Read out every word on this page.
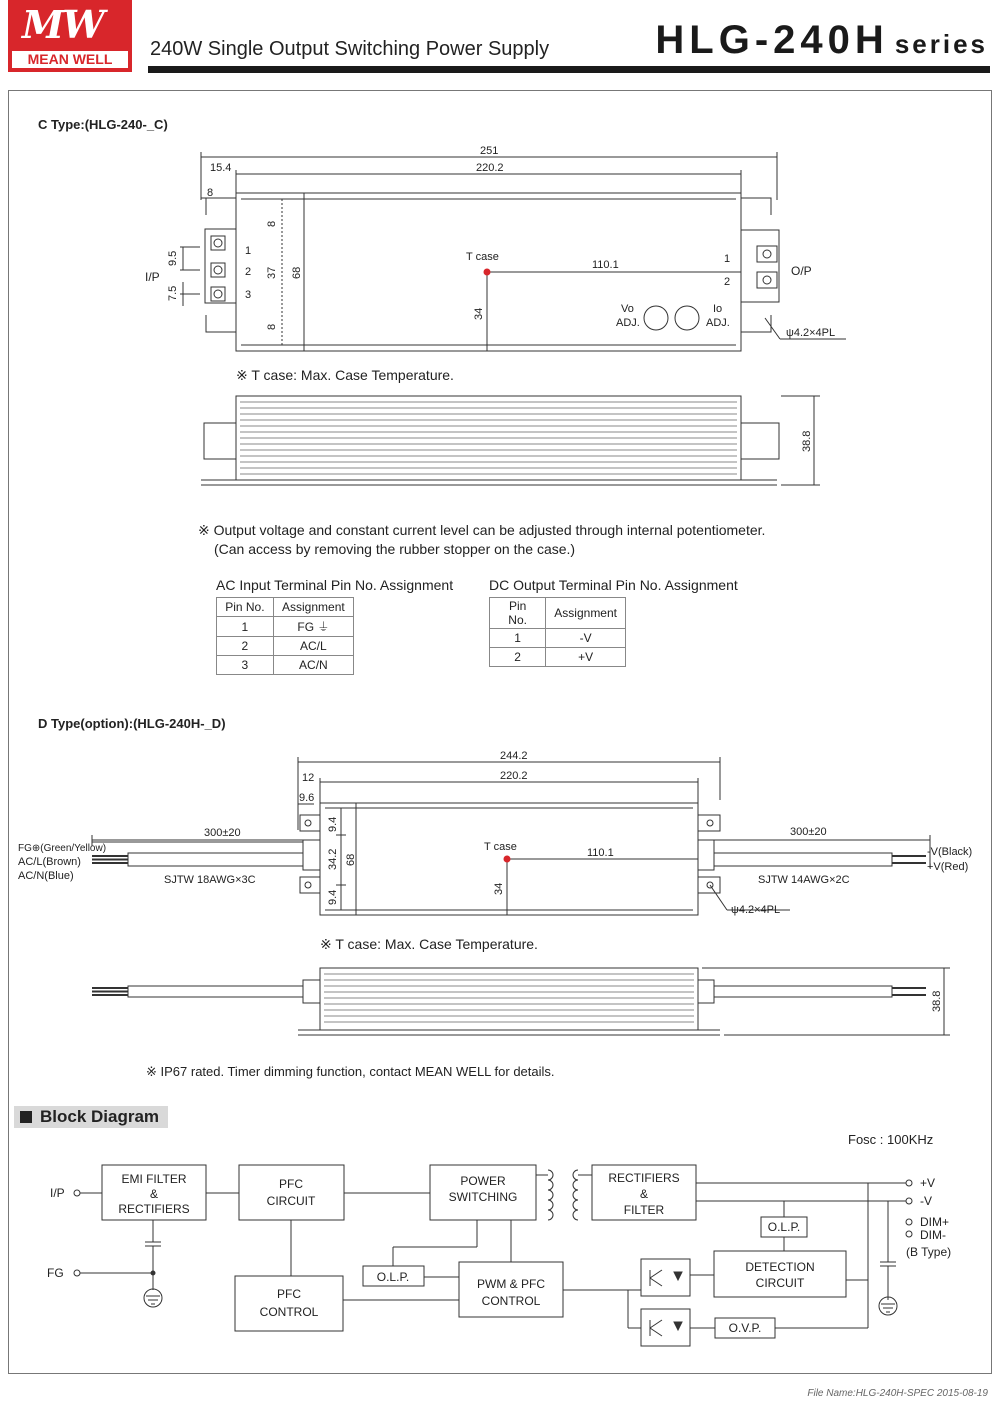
MW
MEAN WELL	240W Single Output Switching Power Supply	HLG-240H series
C Type:(HLG-240-_C)
※ T case: Max. Case Temperature.
※ Output voltage and constant current level can be adjusted through internal potentiometer.
(Can access by removing the rubber stopper on the case.)
AC Input Terminal Pin No. Assignment
Pin No.	Assignment
1	FG ⏚
2	AC/L
3	AC/N
DC Output Terminal Pin No. Assignment
Pin No.	Assignment
1	-V
2	+V
D Type(option):(HLG-240H-_D)
※ T case: Max. Case Temperature.
※ IP67 rated. Timer dimming function, contact MEAN WELL for details.
Block Diagram
Fosc : 100KHz
File Name:HLG-240H-SPEC 2015-08-19
251
15.4	220.2
8
8
37
8
68
34
110.1
9.5
7.5
I/P
1
2
3
1
2
O/P
T case
Vo
ADJ.
Io
ADJ.
ψ4.2×4PL
38.8
244.2
220.2
12
9.6
9.4
34.2
9.4
68
34
110.1
T case
300±20	300±20
FG⊕(Green/Yellow)
AC/L(Brown)
AC/N(Blue)	SJTW 18AWG×3C	SJTW 14AWG×2C
-V(Black)
+V(Red)
ψ4.2×4PL
38.8
I/P
EMI FILTER
&
RECTIFIERS
PFC
CIRCUIT
POWER
SWITCHING
RECTIFIERS
&
FILTER
+V
-V
DIM+
DIM-
(B Type)
O.L.P.
DETECTION
CIRCUIT
O.V.P.
PWM & PFC
CONTROL
O.L.P.
PFC
CONTROL
FG
